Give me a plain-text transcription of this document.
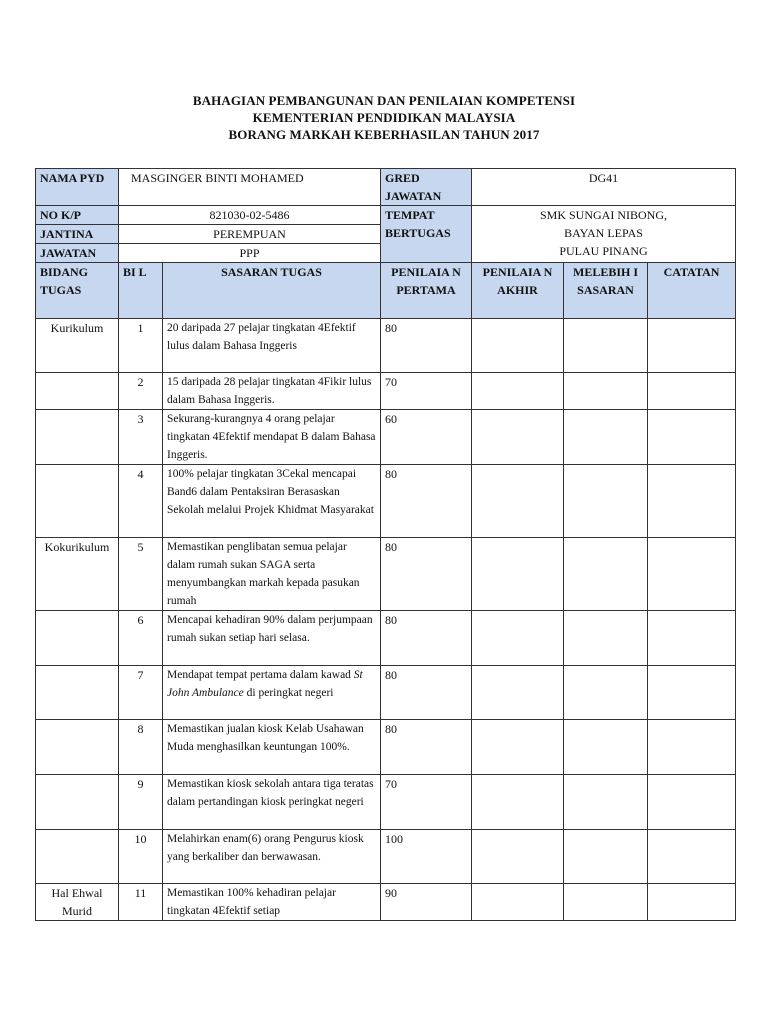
BAHAGIAN PEMBANGUNAN DAN PENILAIAN KOMPETENSI
KEMENTERIAN PENDIDIKAN MALAYSIA
BORANG MARKAH KEBERHASILAN TAHUN 2017
NAMA PYD	MASGINGER BINTI MOHAMED		GRED JAWATAN	DG41		
NO K/P	821030-02-5486		TEMPAT BERTUGAS	SMK SUNGAI NIBONG,
BAYAN LEPAS
PULAU PINANG		

JANTINA	PEREMPUAN					
JAWATAN	PPP					
BIDANG TUGAS	BI L	SASARAN TUGAS	PENILAIA N PERTAMA	PENILAIA N AKHIR	MELEBIH I SASARAN	CATATAN
Kurikulum	1	20 daripada 27 pelajar tingkatan 4Efektif lulus dalam Bahasa Inggeris	80			
	2	15 daripada 28 pelajar tingkatan 4Fikir lulus dalam Bahasa Inggeris.	70			
	3	Sekurang-kurangnya 4 orang pelajar tingkatan 4Efektif mendapat B dalam Bahasa Inggeris.	60			
	4	100% pelajar tingkatan 3Cekal mencapai Band6 dalam Pentaksiran Berasaskan Sekolah melalui Projek Khidmat Masyarakat	80			
Kokurikulum	5	Memastikan penglibatan semua pelajar dalam rumah sukan SAGA serta menyumbangkan markah kepada pasukan rumah	80			
	6	Mencapai kehadiran 90% dalam perjumpaan rumah sukan setiap hari selasa.	80			
	7	Mendapat tempat pertama dalam kawad St John Ambulance di peringkat negeri	80			
	8	Memastikan jualan kiosk Kelab Usahawan Muda menghasilkan keuntungan 100%.	80			
	9	Memastikan kiosk sekolah antara tiga teratas dalam pertandingan kiosk peringkat negeri	70			
	10	Melahirkan enam(6) orang Pengurus kiosk yang berkaliber dan berwawasan.	100			
Hal Ehwal Murid	11	Memastikan 100% kehadiran pelajar tingkatan 4Efektif setiap	90			
